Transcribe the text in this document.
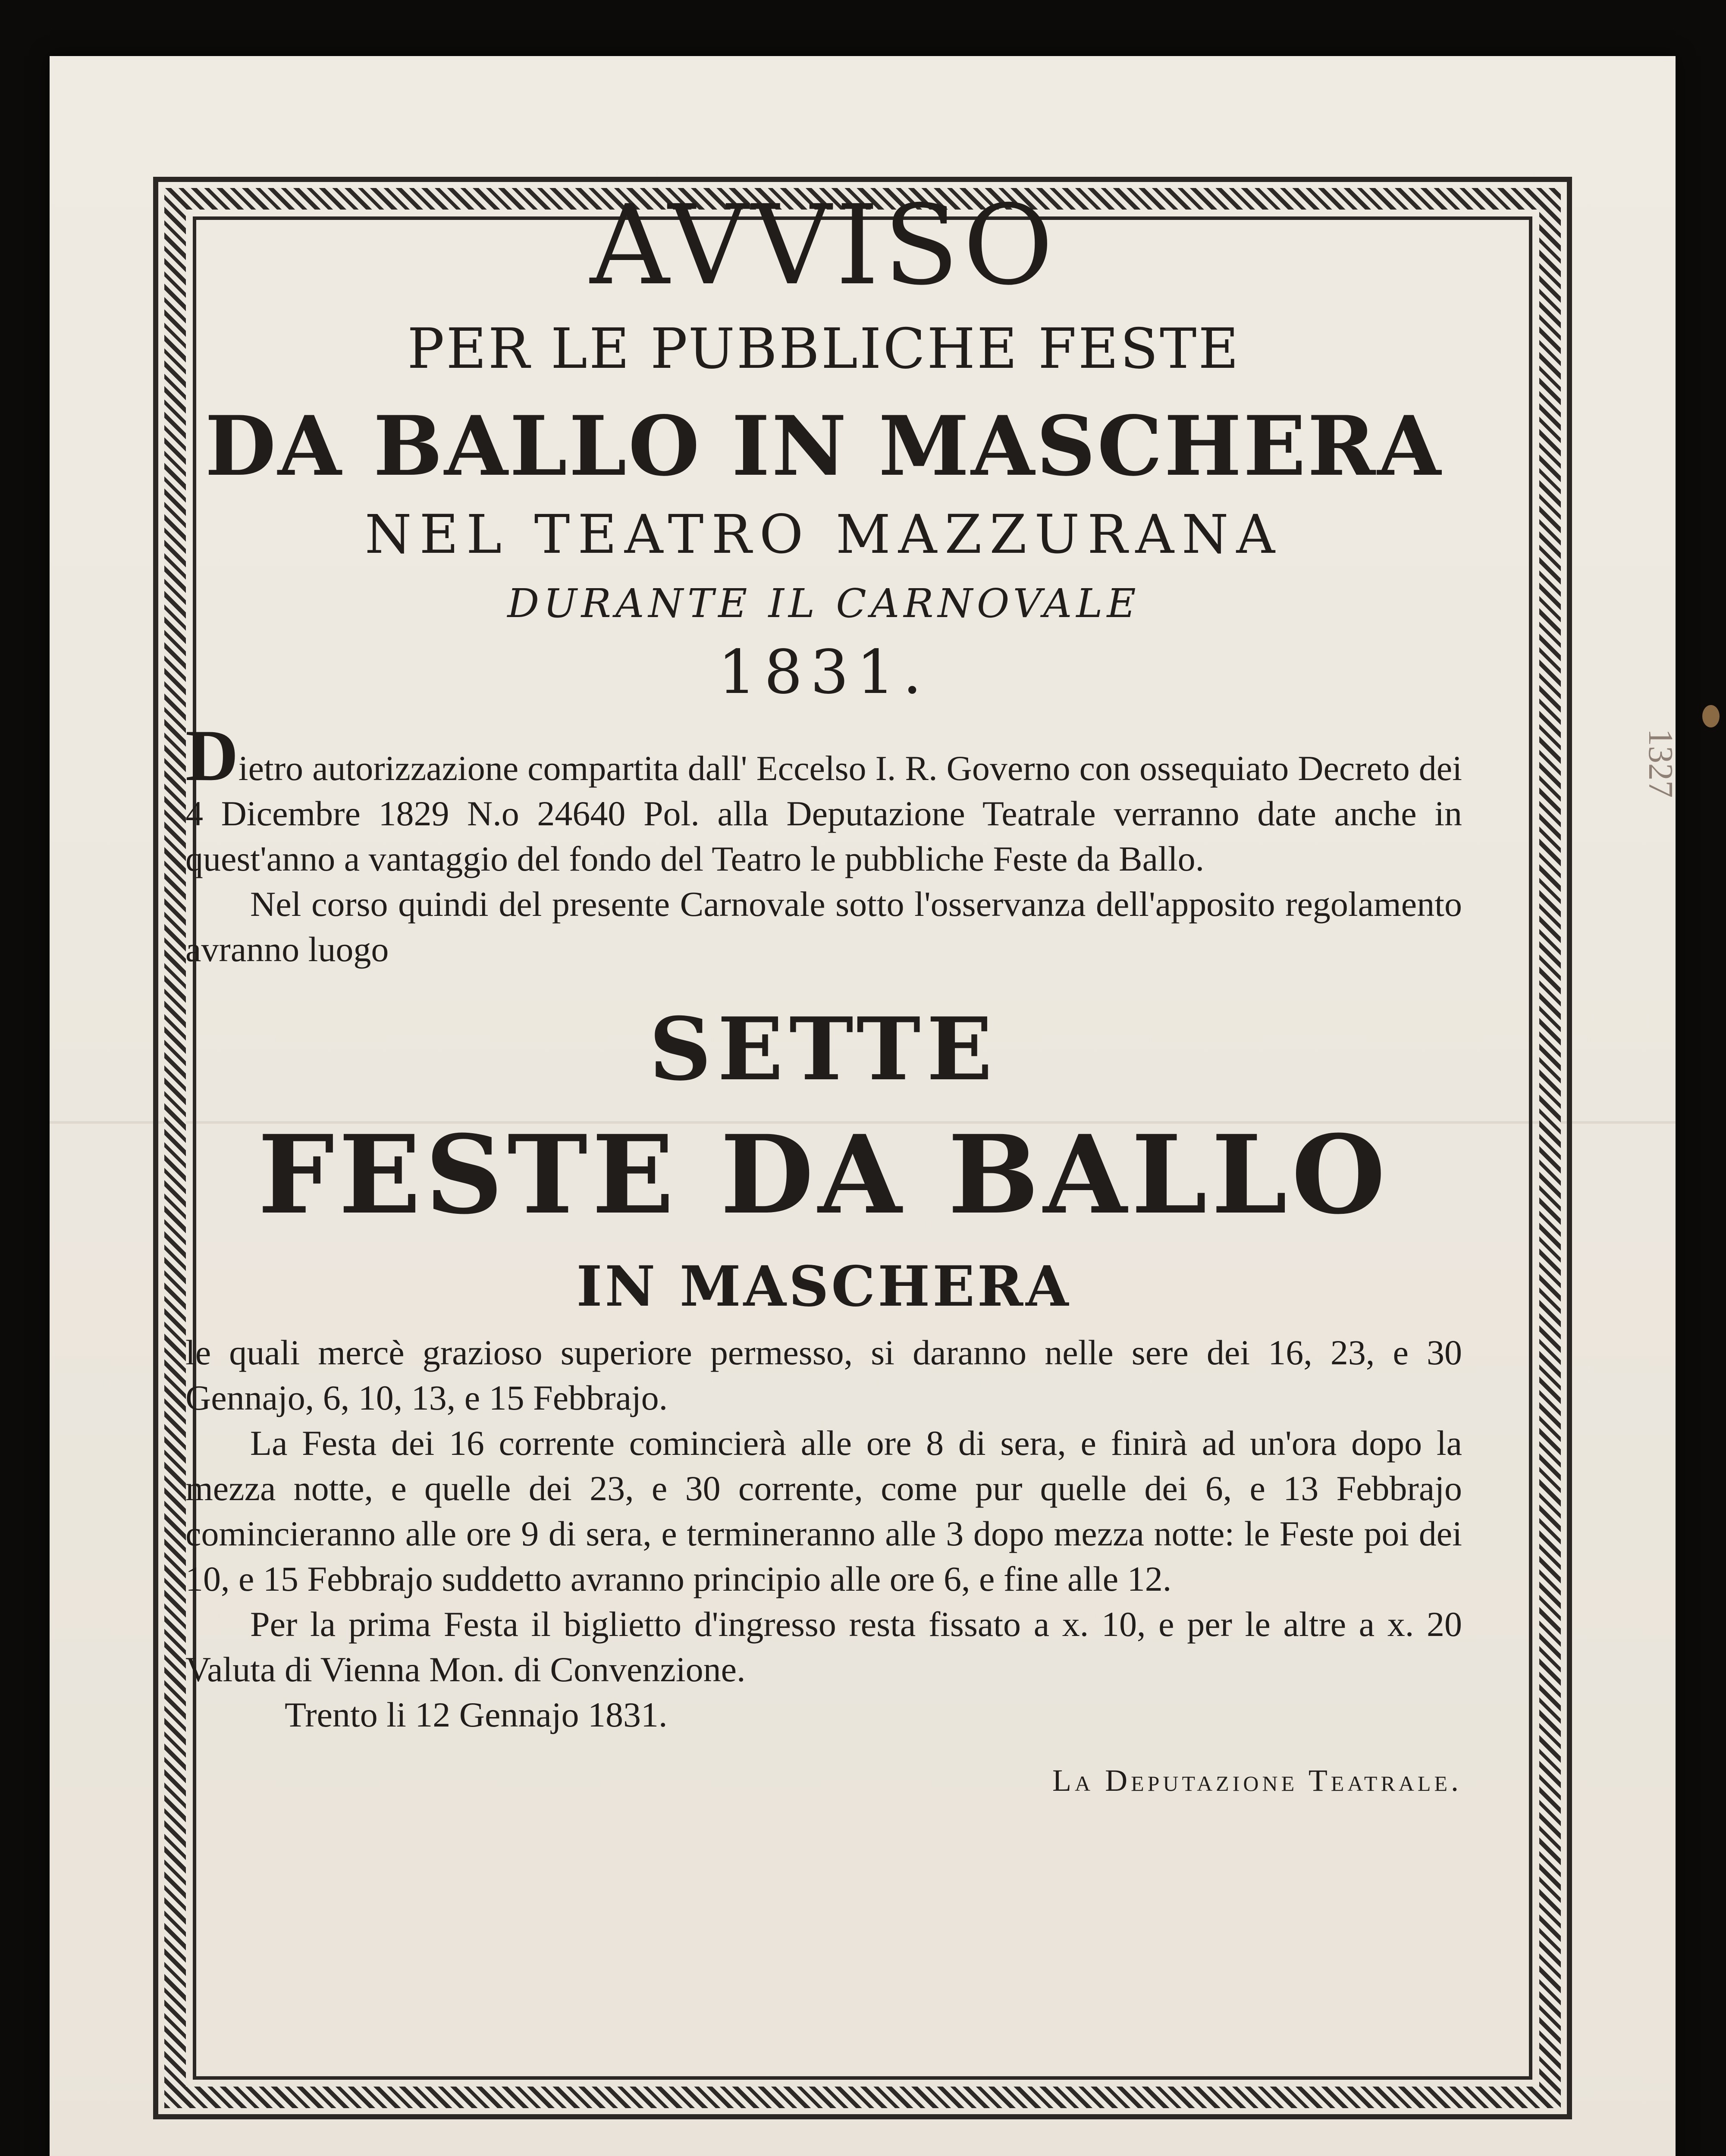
1327
AVVISO
PER LE PUBBLICHE FESTE
DA BALLO IN MASCHERA
NEL TEATRO MAZZURANA
DURANTE IL CARNOVALE
1831.

Dietro autorizzazione compartita dall' Eccelso I. R. Governo con ossequiato Decreto dei 4 Dicembre 1829 N.o 24640 Pol. alla Deputazione Teatrale verranno date anche in quest'anno a vantaggio del fondo del Teatro le pubbliche Feste da Ballo.

Nel corso quindi del presente Carnovale sotto l'osservanza dell'apposito regolamento avranno luogo

SETTE
FESTE DA BALLO
IN MASCHERA

le quali mercè grazioso superiore permesso, si daranno nelle sere dei 16, 23, e 30 Gennajo, 6, 10, 13, e 15 Febbrajo.

La Festa dei 16 corrente comincierà alle ore 8 di sera, e finirà ad un'ora dopo la mezza notte, e quelle dei 23, e 30 corrente, come pur quelle dei 6, e 13 Febbrajo comincieranno alle ore 9 di sera, e termineranno alle 3 dopo mezza notte: le Feste poi dei 10, e 15 Febbrajo suddetto avranno principio alle ore 6, e fine alle 12.

Per la prima Festa il biglietto d'ingresso resta fissato a x. 10, e per le altre a x. 20 Valuta di Vienna Mon. di Convenzione.

Trento li 12 Gennajo 1831.

La Deputazione Teatrale.
